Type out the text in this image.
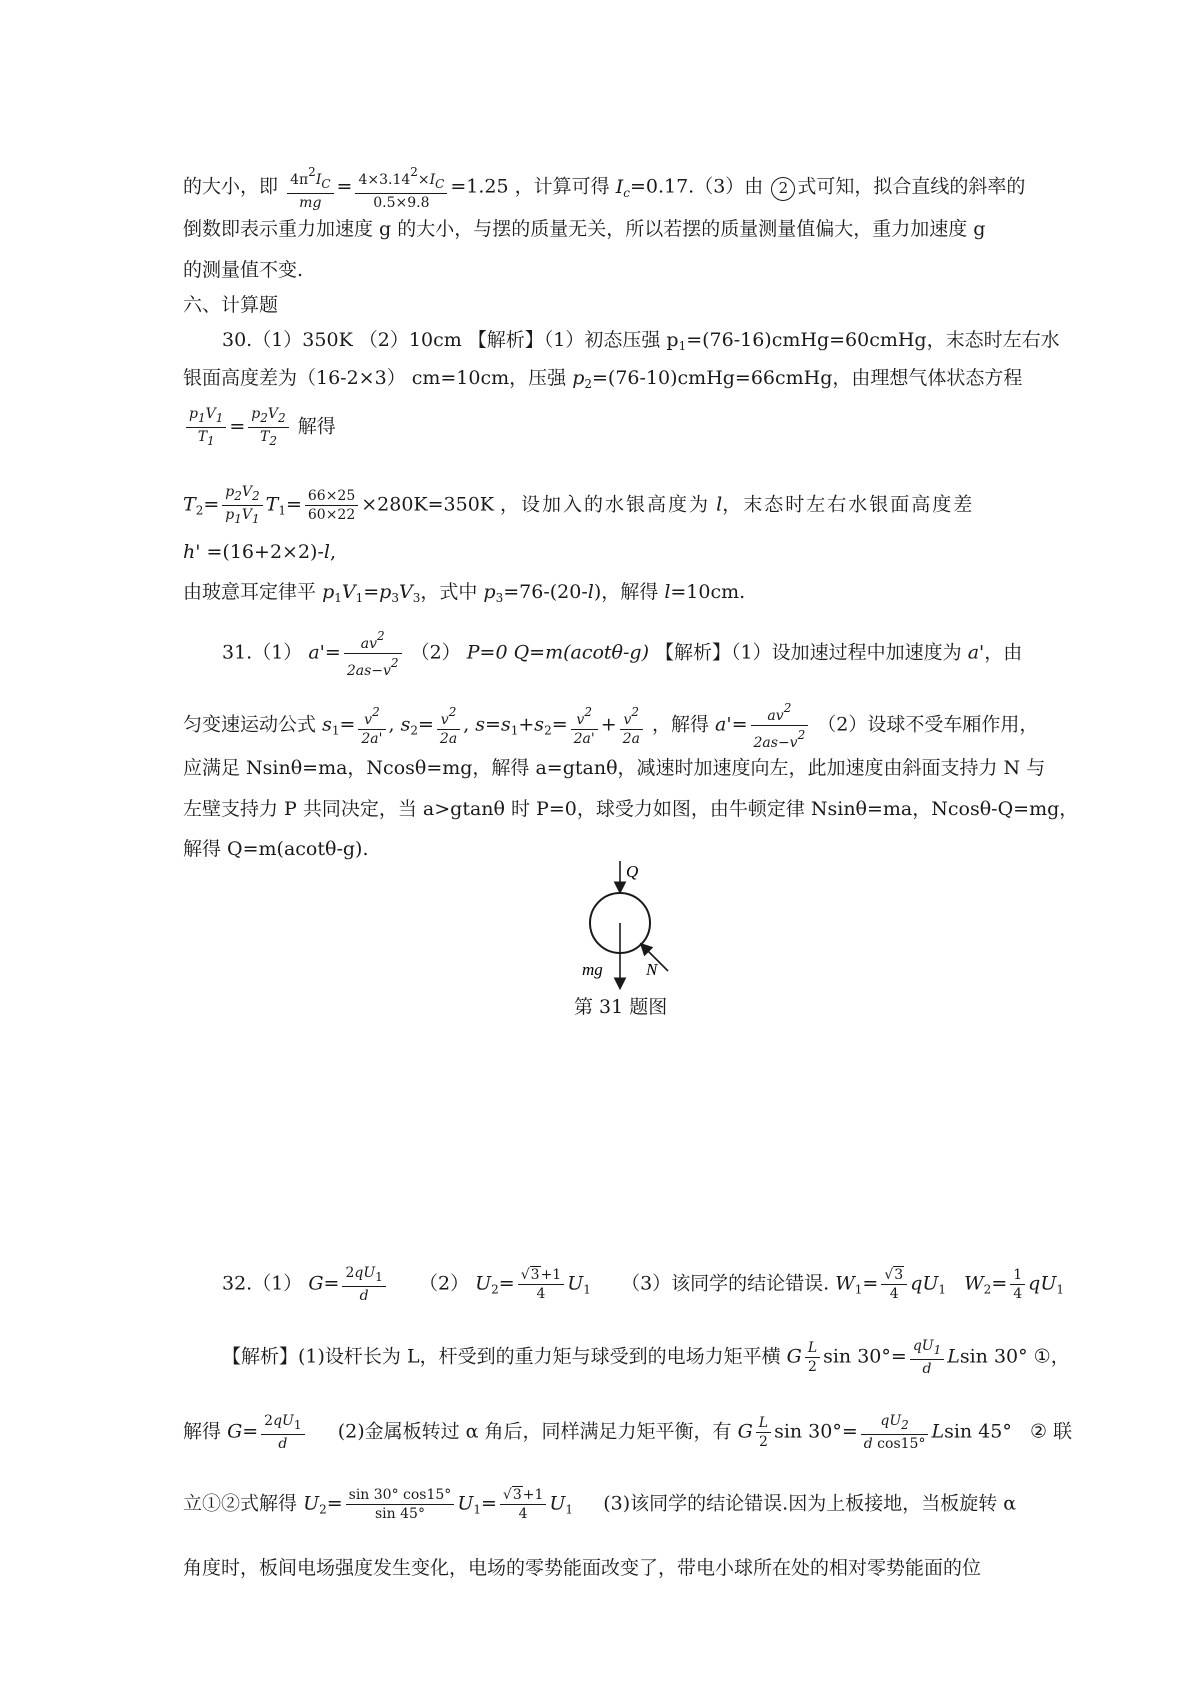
的大小，即 $\frac{4\pi 2IC}{mg} = \frac{4\times 3.142\times IC}{0.5\times 9.8} =1.25$ ，计算可得 $I_c=0.17.(3)$由 2 式可知，拟合直线的斜率的
倒数即表示重力加速度 g 的大小，与摆的质量无关，所以若摆的质量测量值偏大，重力加速度 g
的测量值不变.
六、计算题
30.（1）350K （2）10cm 【解析】（1）初态压强 $p_1=(76-16)cmHg=60cmHg$，末态时左右水
银面高度差为（16-2×3） cm=10cm，压强 $p_2=(76-10)cmHg=66cmHg$，由理想气体状态方程
$\frac{p1V1}{T1} = \frac{p2V2}{T2}$ 解得
$T_2= \frac{p2V2}{p1V1} T_1= \frac{66\times 25}{60\times 22} \times 280K=350K$ ，设加入的水银高度为 l，末态时左右水银面高度差
h' =(16+2×2)-l,
由玻意耳定律平 $p_1V_1=p_3V_3$，式中 $p_3=76-(20-l)$，解得 l=10cm.
31.（1） $a'= \frac{av2}{2as-v2} (2)$ P=0 Q=m(acotθ-g) 【解析】（1）设加速过程中加速度为 a'，由
匀变速运动公式 $s_1= \frac{v2}{2a'}$ , $s_2= \frac{v2}{2a}$ , $s=s_1+s_2= \frac{v2}{2a'} + \frac{v2}{2a}$ ，解得 $a'= \frac{av2}{2as-v2} (2)$设球不受车厢作用，
应满足 Nsinθ=ma，Ncosθ=mg，解得 a=gtanθ，减速时加速度向左，此加速度由斜面支持力 N 与
左壁支持力 P 共同决定，当 a>gtanθ 时 P=0，球受力如图，由牛顿定律 Nsinθ=ma，Ncosθ-Q=mg，
解得 Q=m(acotθ-g).
Q
mg	N
第 31 题图
32.（1） $G= \frac{2qU1}{d} (2)$ $U_2= \frac{√3+1}{4} U_1$ （3）该同学的结论错误. $W_1= \frac{√3}{4} qU_1$ $W_2= \frac{1}{4} qU_1$
【解析】(1)设杆长为 L，杆受到的重力矩与球受到的电场力矩平横 G $\frac{L}{2}$ $\sin 30^\circ= \frac{qU1}{d}$ Lsin 30° ①，
解得 $G= \frac{2qU1}{d} (2)$金属板转过 α 角后，同样满足力矩平衡，有 G $\frac{L}{2}$ $\sin 30^\circ= \frac{qU2}{\text{d cos15°}}$ Lsin 45°   ② 联
立①②式解得 $U_2= \frac{\sin 30^\circ \cos 15^\circ}{\sin 45^\circ} U_1= \frac{√3+1}{4} U_1$ (3)该同学的结论错误.因为上板接地，当板旋转 α
角度时，板间电场强度发生变化，电场的零势能面改变了，带电小球所在处的相对零势能面的位
